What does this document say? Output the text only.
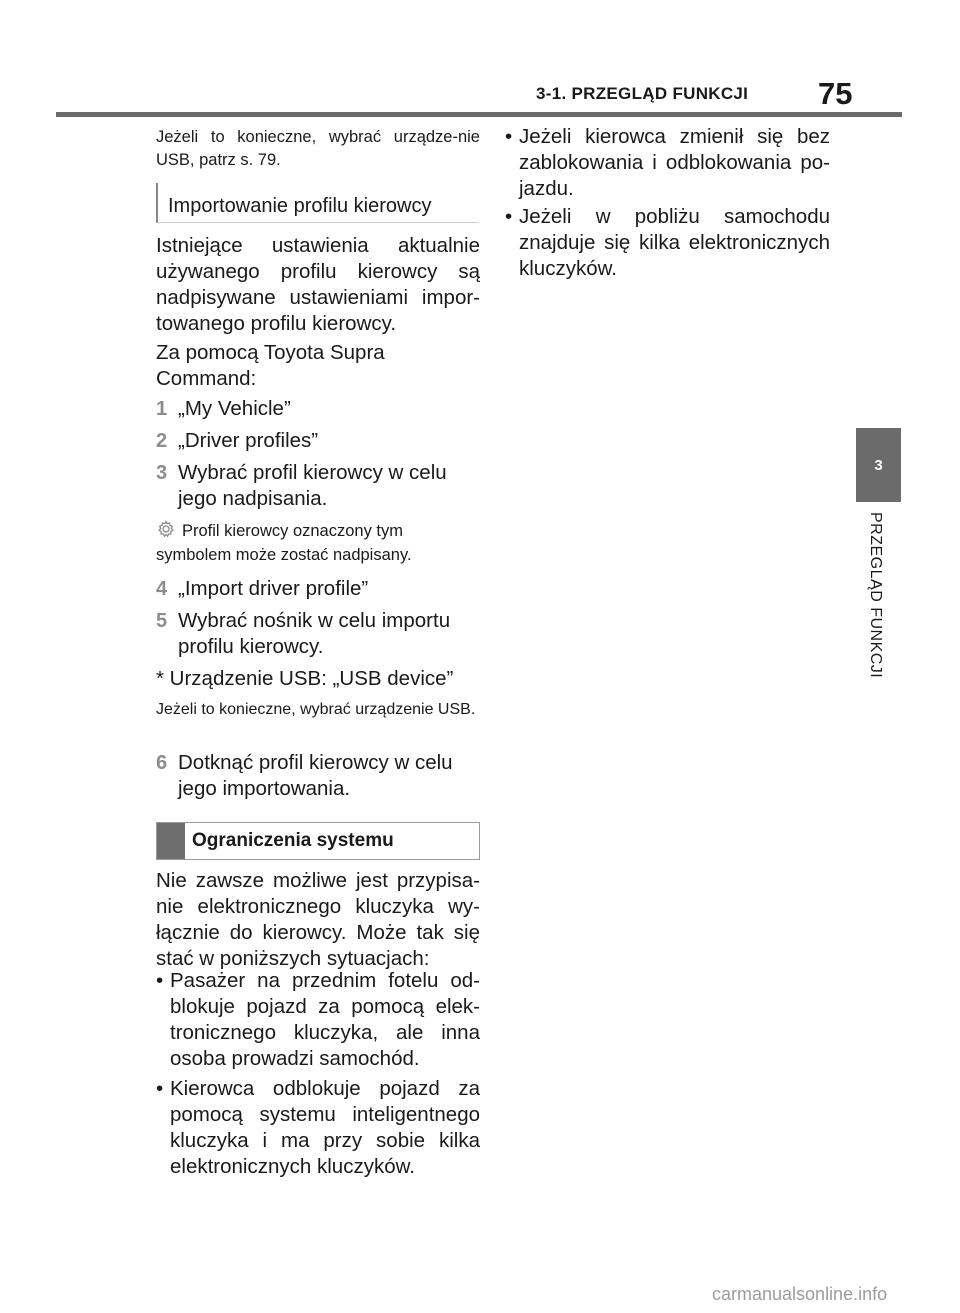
3-1. PRZEGLĄD FUNKCJI 75
Jeżeli to konieczne, wybrać urządze-nie USB, patrz s. 79.
Importowanie profilu kierowcy
Istniejące ustawienia aktualnie używanego profilu kierowcy są nadpisywane ustawieniami impor-towanego profilu kierowcy.
Za pomocą Toyota Supra Command:
1 „My Vehicle”
2 „Driver profiles”
3 Wybrać profil kierowcy w celu jego nadpisania.
Profil kierowcy oznaczony tym symbolem może zostać nadpisany.
4 „Import driver profile”
5 Wybrać nośnik w celu importu profilu kierowcy.
* Urządzenie USB: „USB device”
Jeżeli to konieczne, wybrać urządzenie USB.
6 Dotknąć profil kierowcy w celu jego importowania.
Ograniczenia systemu
Nie zawsze możliwe jest przypisa-nie elektronicznego kluczyka wy-łącznie do kierowcy. Może tak się stać w poniższych sytuacjach:
• Pasażer na przednim fotelu od-blokuje pojazd za pomocą elek-tronicznego kluczyka, ale inna osoba prowadzi samochód.
• Kierowca odblokuje pojazd za pomocą systemu inteligentnego kluczyka i ma przy sobie kilka elektronicznych kluczyków.
• Jeżeli kierowca zmienił się bez zablokowania i odblokowania po-jazdu.
• Jeżeli w pobliżu samochodu znajduje się kilka elektronicznych kluczyków.
3
PRZEGLĄD FUNKCJI
carmanualsonline.info
